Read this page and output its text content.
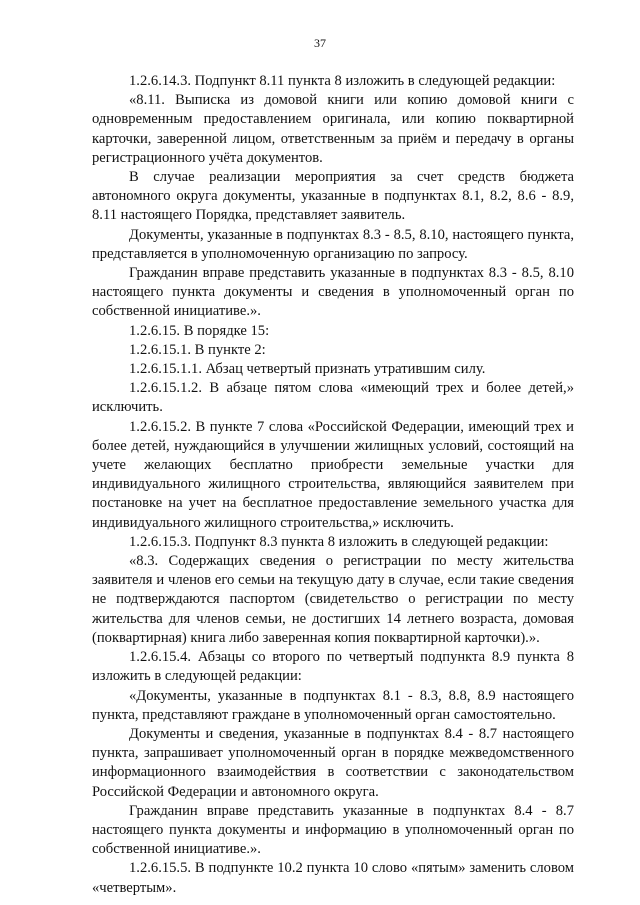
37

1.2.6.14.3. Подпункт 8.11 пункта 8 изложить в следующей редакции:

«8.11. Выписка из домовой книги или копию домовой книги с одновременным предоставлением оригинала, или копию поквартирной карточки, заверенной лицом, ответственным за приём и передачу в органы регистрационного учёта документов.

В случае реализации мероприятия за счет средств бюджета автономного округа документы, указанные в подпунктах 8.1, 8.2, 8.6 - 8.9, 8.11 настоящего Порядка, представляет заявитель.

Документы, указанные в подпунктах 8.3 - 8.5, 8.10, настоящего пункта, представляется в уполномоченную организацию по запросу.

Гражданин вправе представить указанные в подпунктах 8.3 - 8.5, 8.10 настоящего пункта документы и сведения в уполномоченный орган по собственной инициативе.».

1.2.6.15. В порядке 15:

1.2.6.15.1. В пункте 2:

1.2.6.15.1.1. Абзац четвертый признать утратившим силу.

1.2.6.15.1.2. В абзаце пятом слова «имеющий трех и более детей,» исключить.

1.2.6.15.2. В пункте 7 слова «Российской Федерации, имеющий трех и более детей, нуждающийся в улучшении жилищных условий, состоящий на учете желающих бесплатно приобрести земельные участки для индивидуального жилищного строительства, являющийся заявителем при постановке на учет на бесплатное предоставление земельного участка для индивидуального жилищного строительства,» исключить.

1.2.6.15.3. Подпункт 8.3 пункта 8 изложить в следующей редакции:

«8.3. Содержащих сведения о регистрации по месту жительства заявителя и членов его семьи на текущую дату в случае, если такие сведения не подтверждаются паспортом (свидетельство о регистрации по месту жительства для членов семьи, не достигших 14 летнего возраста, домовая (поквартирная) книга либо заверенная копия поквартирной карточки).».

1.2.6.15.4. Абзацы со второго по четвертый подпункта 8.9 пункта 8 изложить в следующей редакции:

«Документы, указанные в подпунктах 8.1 - 8.3, 8.8, 8.9 настоящего пункта, представляют граждане в уполномоченный орган самостоятельно.

Документы и сведения, указанные в подпунктах 8.4 - 8.7 настоящего пункта, запрашивает уполномоченный орган в порядке межведомственного информационного взаимодействия в соответствии с законодательством Российской Федерации и автономного округа.

Гражданин вправе представить указанные в подпунктах 8.4 - 8.7 настоящего пункта документы и информацию в уполномоченный орган по собственной инициативе.».

1.2.6.15.5. В подпункте 10.2 пункта 10 слово «пятым» заменить словом «четвертым».
